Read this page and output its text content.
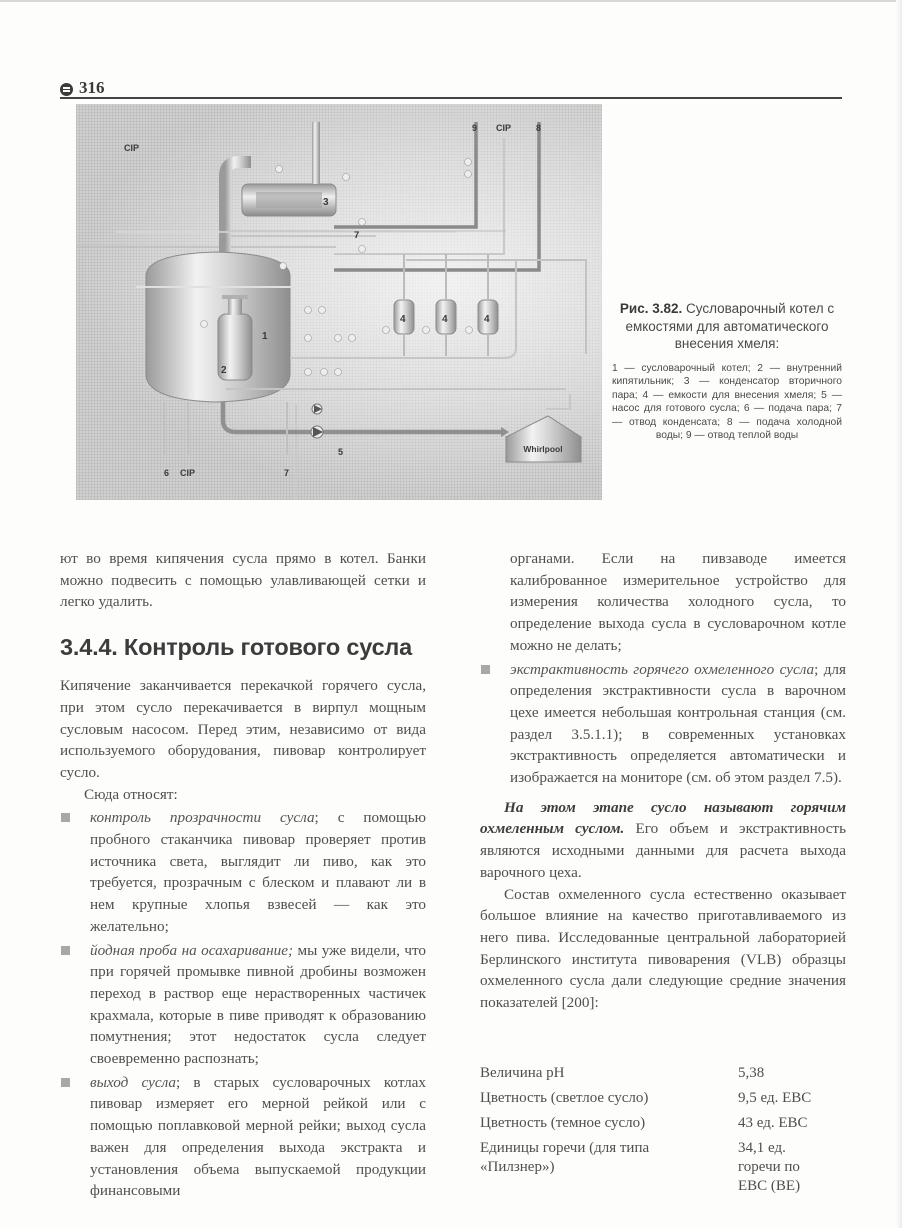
316
Whirlpool
CIP
9 CIP	8
3
7
1
2
4	4	4
5
6 CIP	7
Рис. 3.82. Сусловарочный котел с емкостями для автоматического внесения хмеля:
1 — сусловарочный котел; 2 — внутренний кипятильник; 3 — конденсатор вторичного пара; 4 — емкости для внесения хмеля; 5 — насос для готового сусла; 6 — подача пара; 7 — отвод конденсата; 8 — подача холодной воды; 9 — отвод теплой воды

ют во время кипячения сусла прямо в котел. Банки можно подвесить с помощью улавливающей сетки и легко удалить.

3.4.4. Контроль готового сусла

Кипячение заканчивается перекачкой горячего сусла, при этом сусло перекачивается в вирпул мощным сусловым насосом. Перед этим, независимо от вида используемого оборудования, пивовар контролирует сусло.

Сюда относят:

контроль прозрачности сусла; с помощью пробного стаканчика пивовар проверяет против источника света, выглядит ли пиво, как это требуется, прозрачным с блеском и плавают ли в нем крупные хлопья взвесей — как это желательно;
йодная проба на осахаривание; мы уже видели, что при горячей промывке пивной дробины возможен переход в раствор еще нерастворенных частичек крахмала, которые в пиве приводят к образованию помутнения; этот недостаток сусла следует своевременно распознать;
выход сусла; в старых сусловарочных котлах пивовар измеряет его мерной рейкой или с помощью поплавковой мерной рейки; выход сусла важен для определения выхода экстракта и установления объема выпускаемой продукции финансовыми

органами. Если на пивзаводе имеется калиброванное измерительное устройство для измерения количества холодного сусла, то определение выхода сусла в сусловарочном котле можно не делать;

экстрактивность горячего охмеленного сусла; для определения экстрактивности сусла в варочном цехе имеется небольшая контрольная станция (см. раздел 3.5.1.1); в современных установках экстрактивность определяется автоматически и изображается на мониторе (см. об этом раздел 7.5).

На этом этапе сусло называют горячим охмеленным суслом. Его объем и экстрактивность являются исходными данными для расчета выхода варочного цеха.

Состав охмеленного сусла естественно оказывает большое влияние на качество приготавливаемого из него пива. Исследованные центральной лабораторией Берлинского института пивоварения (VLB) образцы охмеленного сусла дали следующие средние значения показателей [200]:

Величина pH	5,38
Цветность (светлое сусло)	9,5 ед. EBC
Цветность (темное сусло)	43 ед. EBC
Единицы горечи (для типа «Пилзнер»)	34,1 ед. горечи по EBC (BE)
